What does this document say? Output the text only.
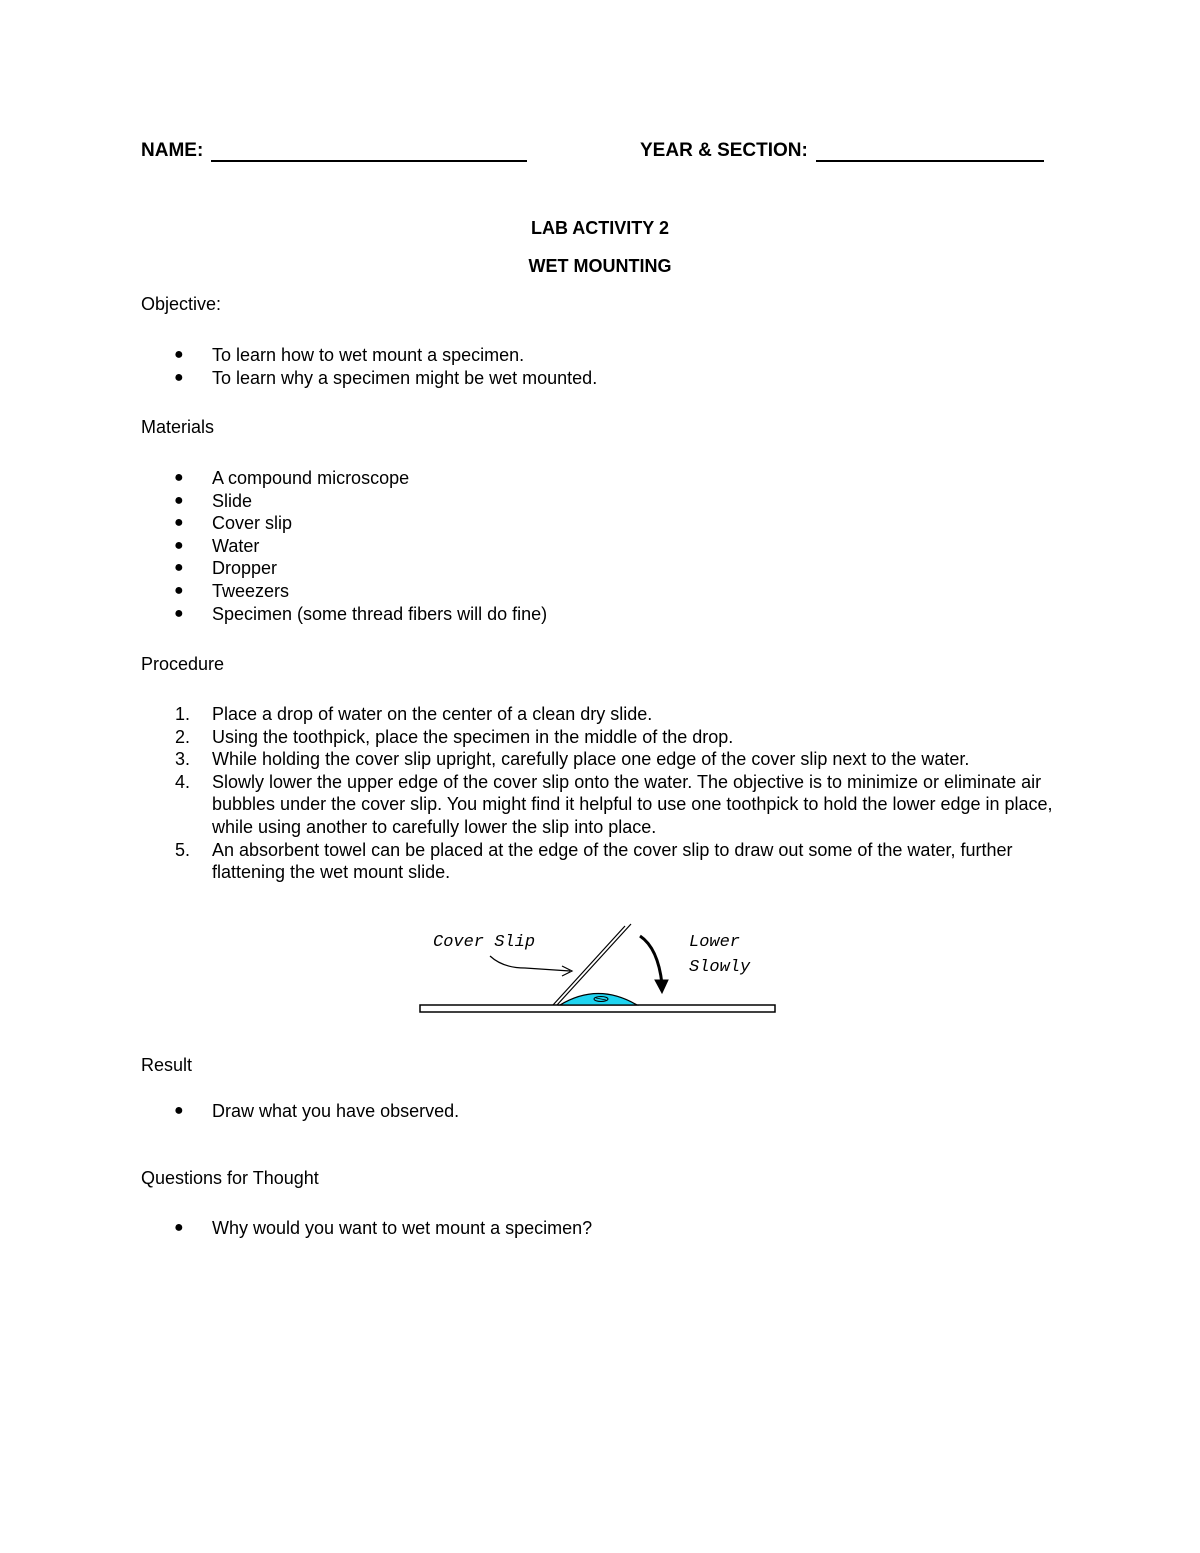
NAME:	YEAR & SECTION:
LAB ACTIVITY 2
WET MOUNTING
Objective:
● To learn how to wet mount a specimen.
● To learn why a specimen might be wet mounted.
Materials
● A compound microscope
● Slide
● Cover slip
● Water
● Dropper
● Tweezers
● Specimen (some thread fibers will do fine)
Procedure
1. Place a drop of water on the center of a clean dry slide.
2. Using the toothpick, place the specimen in the middle of the drop.
3. While holding the cover slip upright, carefully place one edge of the cover slip next to the water.
4. Slowly lower the upper edge of the cover slip onto the water. The objective is to minimize or eliminate air bubbles under the cover slip. You might find it helpful to use one toothpick to hold the lower edge in place, while using another to carefully lower the slip into place.
5. An absorbent towel can be placed at the edge of the cover slip to draw out some of the water, further flattening the wet mount slide.
Cover Slip	Lower
Slowly
Result
● Draw what you have observed.
Questions for Thought
● Why would you want to wet mount a specimen?
